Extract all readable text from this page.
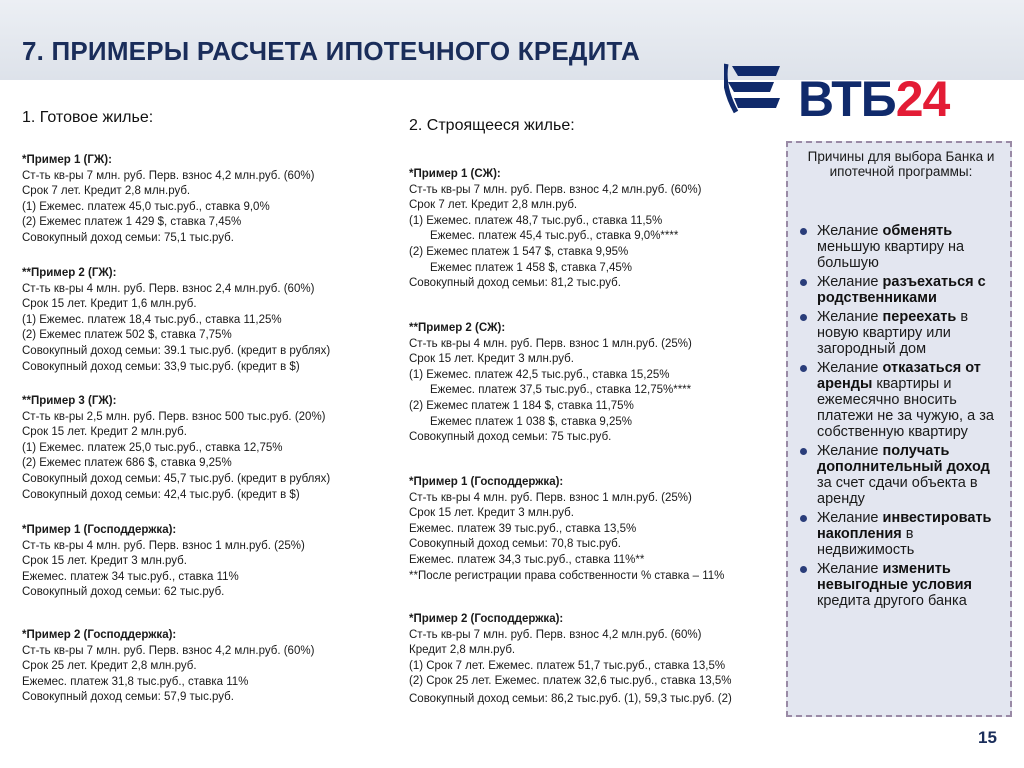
7. ПРИМЕРЫ РАСЧЕТА ИПОТЕЧНОГО КРЕДИТА
ВТБ24
1. Готовое жилье:
*Пример 1 (ГЖ):
Ст-ть кв-ры 7 млн. руб. Перв. взнос 4,2 млн.руб. (60%)
Срок 7 лет. Кредит 2,8 млн.руб.
(1) Ежемес. платеж 45,0 тыс.руб., ставка 9,0%
(2) Ежемес платеж 1 429 $, ставка 7,45%
Совокупный доход семьи: 75,1 тыс.руб.
**Пример 2 (ГЖ):
Ст-ть кв-ры 4 млн. руб. Перв. взнос 2,4 млн.руб. (60%)
Срок 15 лет. Кредит 1,6 млн.руб.
(1) Ежемес. платеж 18,4 тыс.руб., ставка 11,25%
(2) Ежемес платеж 502 $, ставка 7,75%
Совокупный доход семьи: 39.1 тыс.руб. (кредит в рублях)
Совокупный доход семьи: 33,9 тыс.руб. (кредит в $)
**Пример 3 (ГЖ):
Ст-ть кв-ры 2,5 млн. руб. Перв. взнос 500 тыс.руб. (20%)
Срок 15 лет. Кредит 2 млн.руб.
(1) Ежемес. платеж 25,0 тыс.руб., ставка 12,75%
(2) Ежемес платеж 686 $, ставка 9,25%
Совокупный доход семьи: 45,7 тыс.руб. (кредит в рублях)
Совокупный доход семьи: 42,4 тыс.руб. (кредит в $)
*Пример 1 (Господдержка):
Ст-ть кв-ры 4 млн. руб. Перв. взнос 1 млн.руб. (25%)
Срок 15 лет. Кредит 3 млн.руб.
Ежемес. платеж 34 тыс.руб., ставка 11%
Совокупный доход семьи: 62 тыс.руб.
*Пример 2 (Господдержка):
Ст-ть кв-ры 7 млн. руб. Перв. взнос 4,2 млн.руб. (60%)
Срок 25 лет. Кредит 2,8 млн.руб.
Ежемес. платеж 31,8 тыс.руб., ставка 11%
Совокупный доход семьи: 57,9 тыс.руб.
2. Строящееся жилье:
*Пример 1 (СЖ):
Ст-ть кв-ры 7 млн. руб. Перв. взнос 4,2 млн.руб. (60%)
Срок 7 лет. Кредит 2,8 млн.руб.
(1) Ежемес. платеж 48,7 тыс.руб., ставка 11,5%
Ежемес. платеж 45,4 тыс.руб., ставка 9,0%****
(2) Ежемес платеж 1 547 $, ставка 9,95%
Ежемес платеж 1 458 $, ставка 7,45%
Совокупный доход семьи: 81,2 тыс.руб.
**Пример 2 (СЖ):
Ст-ть кв-ры 4 млн. руб. Перв. взнос 1 млн.руб. (25%)
Срок 15 лет. Кредит 3 млн.руб.
(1) Ежемес. платеж 42,5 тыс.руб., ставка 15,25%
Ежемес. платеж 37,5 тыс.руб., ставка 12,75%****
(2) Ежемес платеж 1 184 $, ставка 11,75%
Ежемес платеж 1 038 $, ставка 9,25%
Совокупный доход семьи: 75 тыс.руб.
*Пример 1 (Господдержка):
Ст-ть кв-ры 4 млн. руб. Перв. взнос 1 млн.руб. (25%)
Срок 15 лет. Кредит 3 млн.руб.
Ежемес. платеж 39 тыс.руб., ставка 13,5%
Совокупный доход семьи: 70,8 тыс.руб.
Ежемес. платеж 34,3 тыс.руб., ставка 11%**
**После регистрации права собственности % ставка – 11%
*Пример 2 (Господдержка):
Ст-ть кв-ры 7 млн. руб. Перв. взнос 4,2 млн.руб. (60%)
Кредит 2,8 млн.руб.
(1) Срок 7 лет. Ежемес. платеж 51,7 тыс.руб., ставка 13,5%
(2) Срок 25 лет. Ежемес. платеж 32,6 тыс.руб., ставка 13,5%
Совокупный доход семьи: 86,2 тыс.руб. (1), 59,3 тыс.руб. (2)
Причины для выбора Банка и ипотечной программы:
Желание обменять меньшую квартиру на большую
Желание разъехаться с родственниками
Желание переехать в новую квартиру или загородный дом
Желание отказаться от аренды квартиры и ежемесячно вносить платежи не за чужую, а за собственную квартиру
Желание получать дополнительный доход за счет сдачи объекта в аренду
Желание инвестировать накопления в недвижимость
Желание изменить невыгодные условия кредита другого банка
15
